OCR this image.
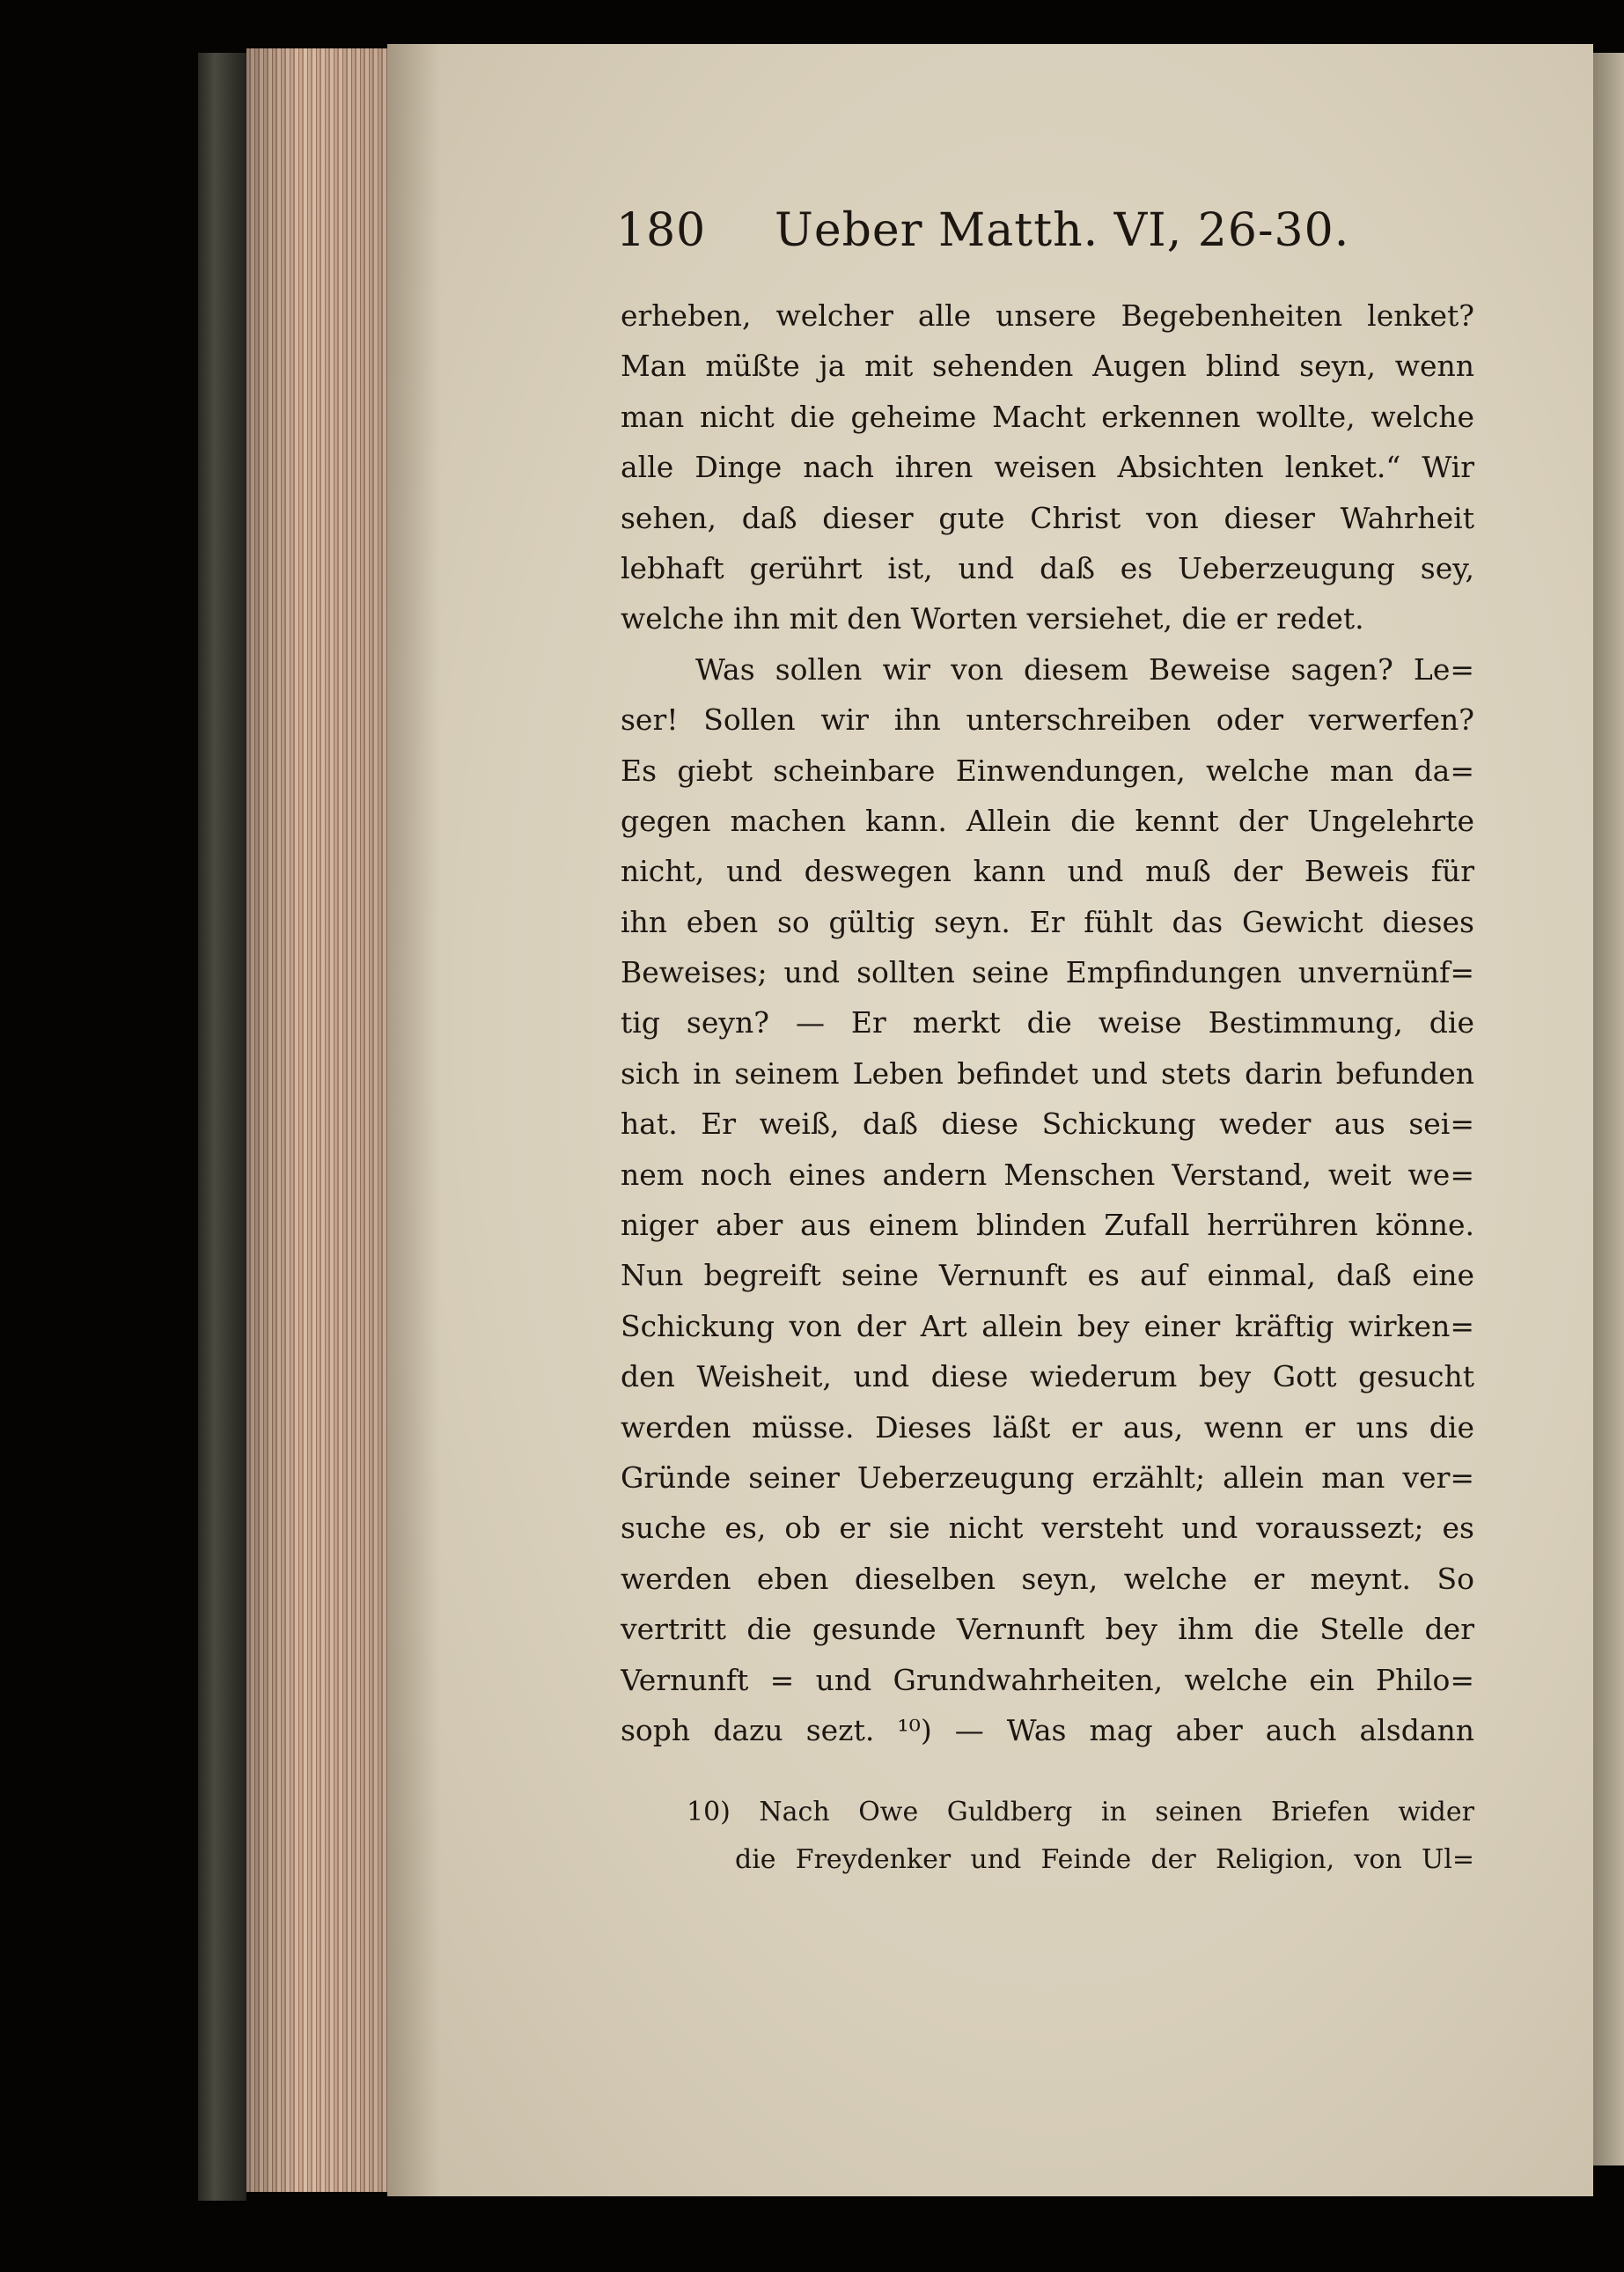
180 Ueber Matth. VI, 26-30.
erheben, welcher alle unsere Begebenheiten lenket?
Man müßte ja mit sehenden Augen blind seyn, wenn
man nicht die geheime Macht erkennen wollte, welche
alle Dinge nach ihren weisen Absichten lenket.“ Wir
sehen, daß dieser gute Christ von dieser Wahrheit
lebhaft gerührt ist, und daß es Ueberzeugung sey,
welche ihn mit den Worten versiehet, die er redet.
Was sollen wir von diesem Beweise sagen? Le=
ser! Sollen wir ihn unterschreiben oder verwerfen?
Es giebt scheinbare Einwendungen, welche man da=
gegen machen kann. Allein die kennt der Ungelehrte
nicht, und deswegen kann und muß der Beweis für
ihn eben so gültig seyn. Er fühlt das Gewicht dieses
Beweises; und sollten seine Empfindungen unvernünf=
tig seyn? — Er merkt die weise Bestimmung, die
sich in seinem Leben befindet und stets darin befunden
hat. Er weiß, daß diese Schickung weder aus sei=
nem noch eines andern Menschen Verstand, weit we=
niger aber aus einem blinden Zufall herrühren könne.
Nun begreift seine Vernunft es auf einmal, daß eine
Schickung von der Art allein bey einer kräftig wirken=
den Weisheit, und diese wiederum bey Gott gesucht
werden müsse. Dieses läßt er aus, wenn er uns die
Gründe seiner Ueberzeugung erzählt; allein man ver=
suche es, ob er sie nicht versteht und voraussezt; es
werden eben dieselben seyn, welche er meynt. So
vertritt die gesunde Vernunft bey ihm die Stelle der
Vernunft = und Grundwahrheiten, welche ein Philo=
soph dazu sezt. ¹⁰) — Was mag aber auch alsdann
10) Nach Owe Guldberg in seinen Briefen wider
die Freydenker und Feinde der Religion, von Ul=
